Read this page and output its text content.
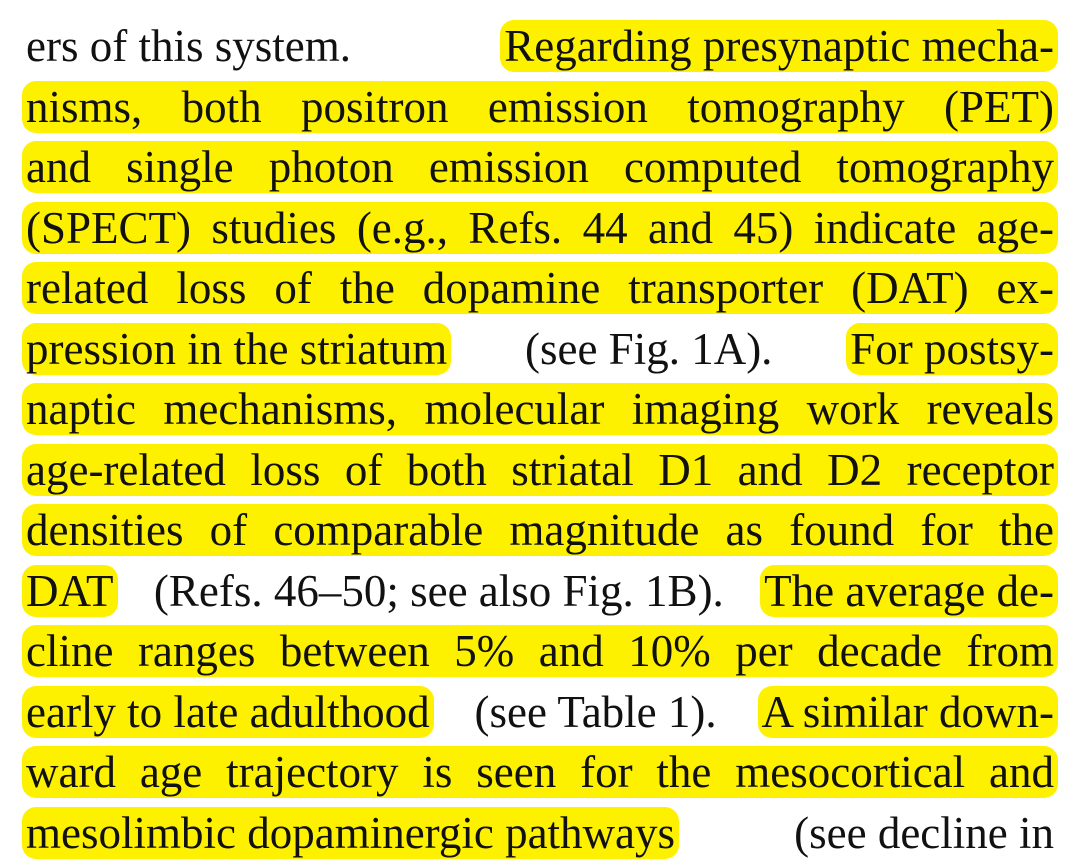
ers of this system.	Regarding presynaptic mecha-
nisms, both positron emission tomography (PET)
and single photon emission computed tomography
(SPECT) studies (e.g., Refs. 44 and 45) indicate age-
related loss of the dopamine transporter (DAT) ex-
pression in the striatum (see Fig. 1A). For postsy-
naptic mechanisms, molecular imaging work reveals
age-related loss of both striatal D1 and D2 receptor
densities of comparable magnitude as found for the
DAT (Refs. 46–50; see also Fig. 1B). The average de-
cline ranges between 5% and 10% per decade from
early to late adulthood (see Table 1). A similar down-
ward age trajectory is seen for the mesocortical and
mesolimbic dopaminergic pathways	(see decline in
